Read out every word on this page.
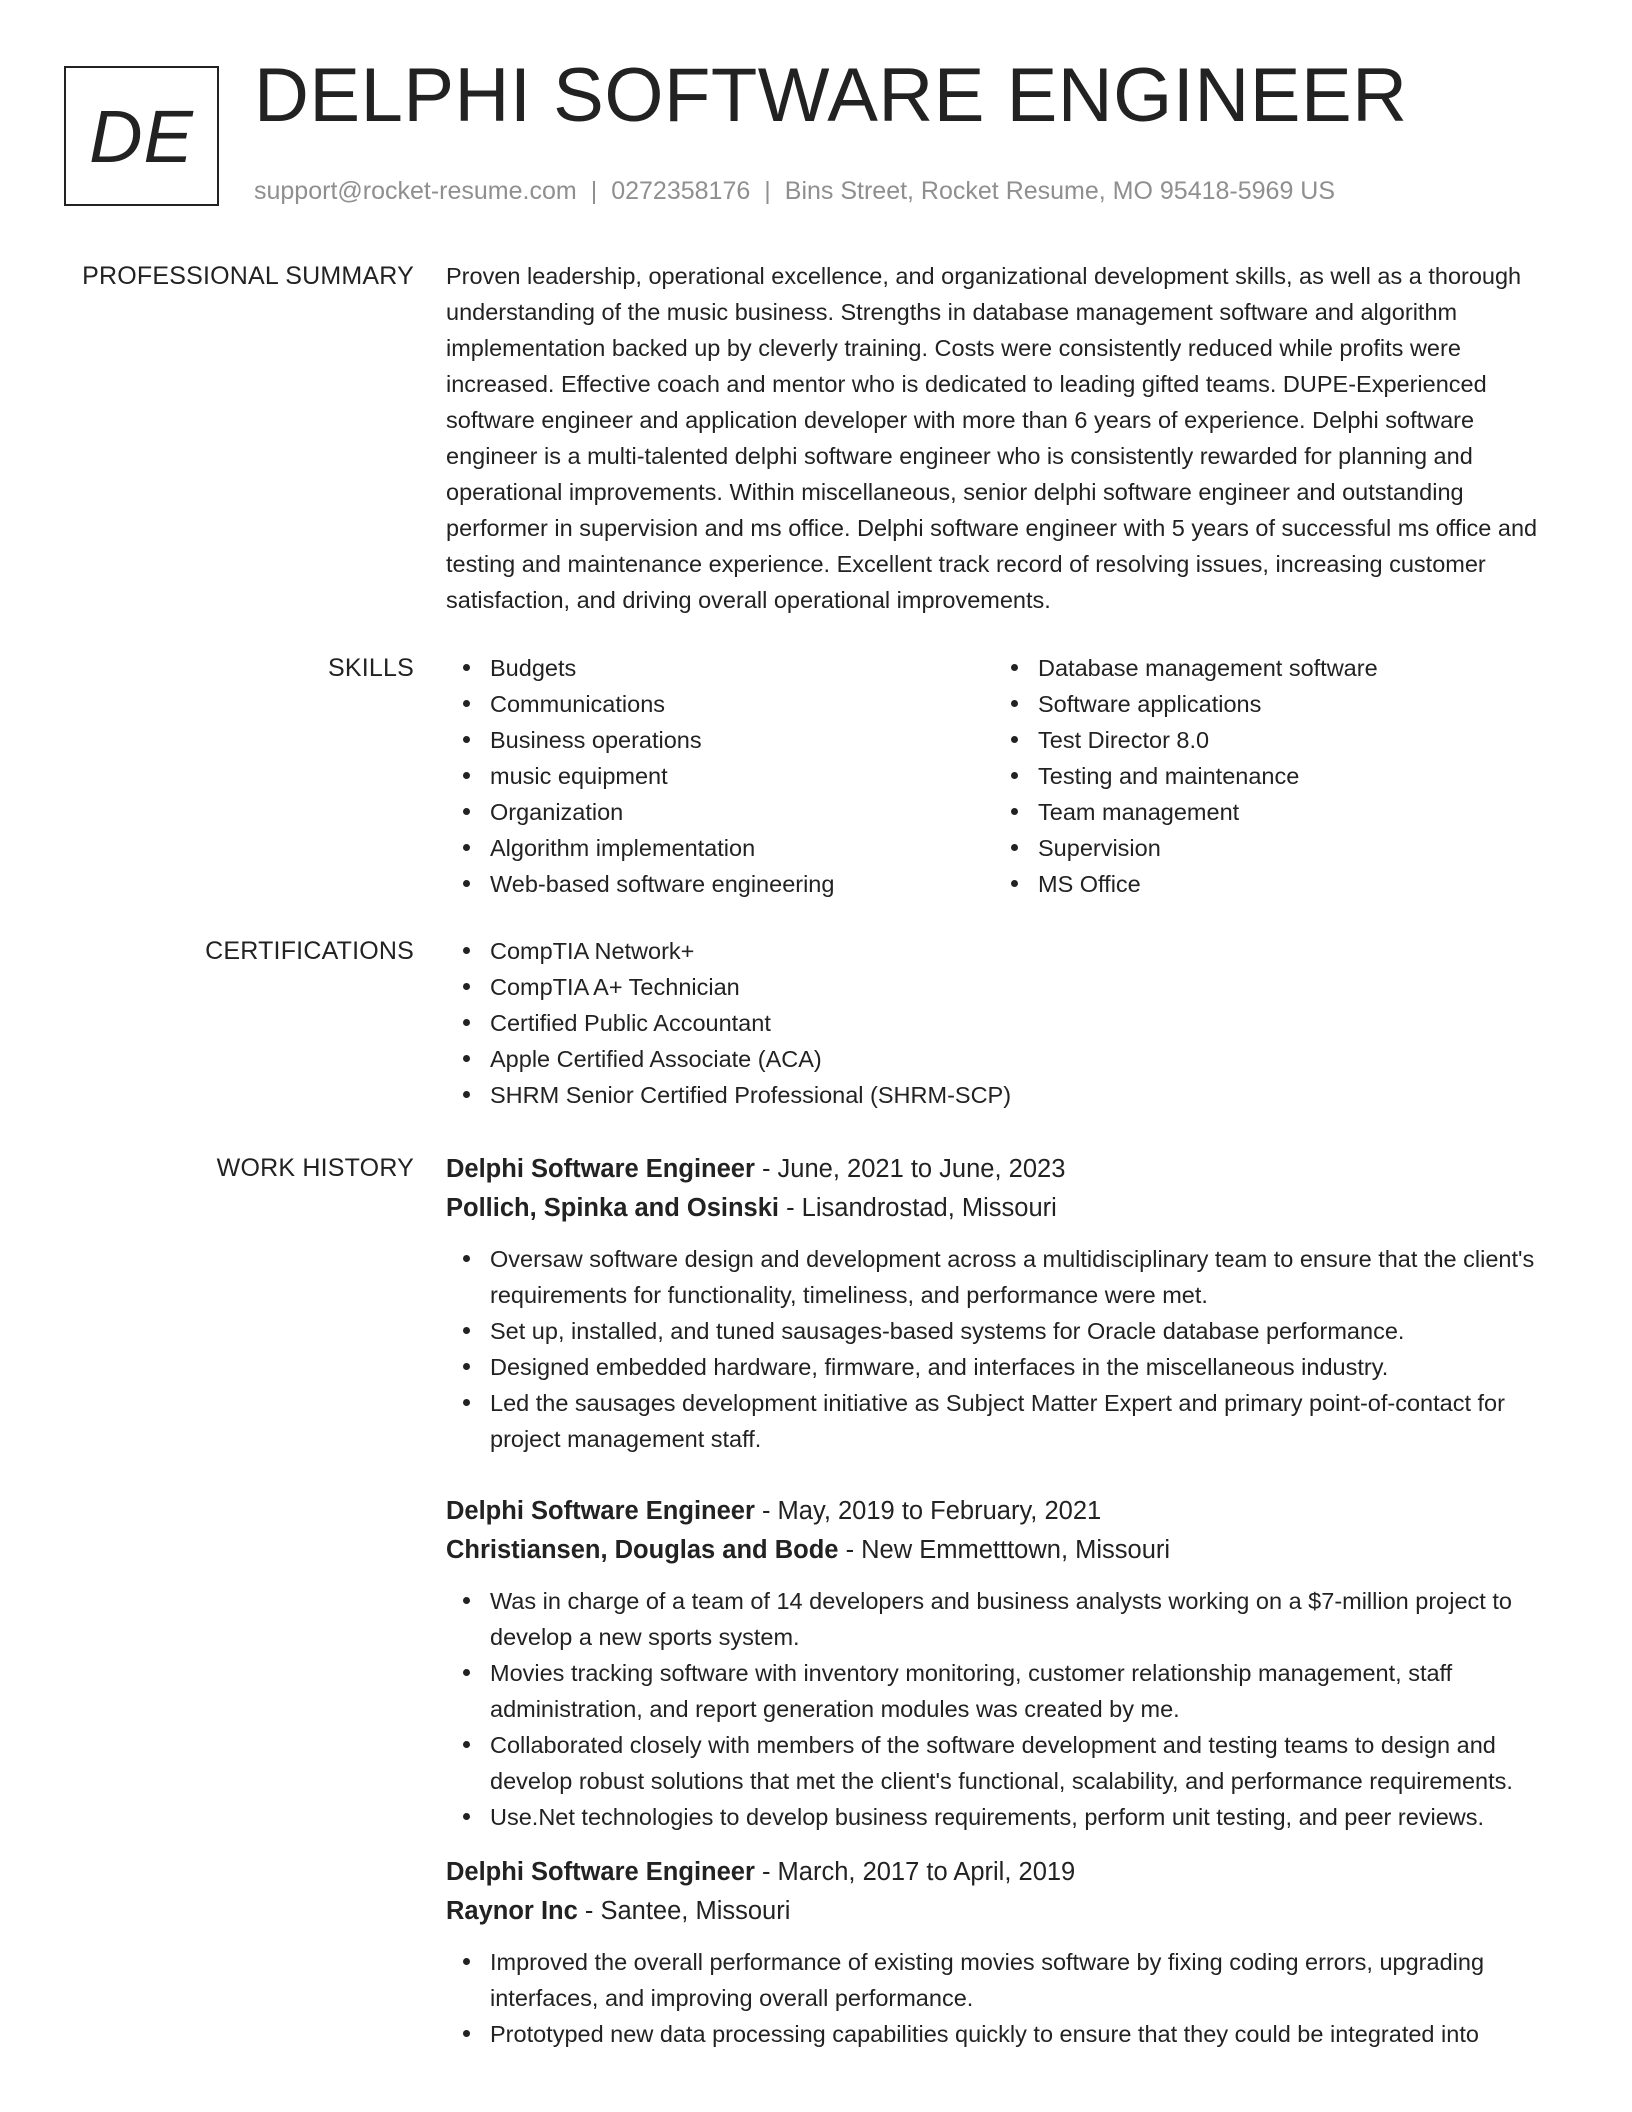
DE DELPHI SOFTWARE ENGINEER
support@rocket-resume.com | 0272358176 | Bins Street, Rocket Resume, MO 95418-5969 US
PROFESSIONAL SUMMARY Proven leadership, operational excellence, and organizational development skills, as well as a thorough understanding of the music business. Strengths in database management software and algorithm implementation backed up by cleverly training. Costs were consistently reduced while profits were increased. Effective coach and mentor who is dedicated to leading gifted teams. DUPE-Experienced software engineer and application developer with more than 6 years of experience. Delphi software engineer is a multi-talented delphi software engineer who is consistently rewarded for planning and operational improvements. Within miscellaneous, senior delphi software engineer and outstanding performer in supervision and ms office. Delphi software engineer with 5 years of successful ms office and testing and maintenance experience. Excellent track record of resolving issues, increasing customer satisfaction, and driving overall operational improvements.

SKILLS	Budgets
Communications
Business operations
music equipment
Organization
Algorithm implementation
Web-based software engineering
Database management software
Software applications
Test Director 8.0
Testing and maintenance
Team management
Supervision
MS Office
CERTIFICATIONS	CompTIA Network+
CompTIA A+ Technician
Certified Public Accountant
Apple Certified Associate (ACA)
SHRM Senior Certified Professional (SHRM-SCP)
WORK HISTORY Delphi Software Engineer - June, 2021 to June, 2023
Pollich, Spinka and Osinski - Lisandrostad, Missouri
Oversaw software design and development across a multidisciplinary team to ensure that the client's requirements for functionality, timeliness, and performance were met.
Set up, installed, and tuned sausages-based systems for Oracle database performance.
Designed embedded hardware, firmware, and interfaces in the miscellaneous industry.
Led the sausages development initiative as Subject Matter Expert and primary point-of-contact for project management staff.
Delphi Software Engineer - May, 2019 to February, 2021
Christiansen, Douglas and Bode - New Emmetttown, Missouri
Was in charge of a team of 14 developers and business analysts working on a $7-million project to develop a new sports system.
Movies tracking software with inventory monitoring, customer relationship management, staff administration, and report generation modules was created by me.
Collaborated closely with members of the software development and testing teams to design and develop robust solutions that met the client's functional, scalability, and performance requirements.
Use.Net technologies to develop business requirements, perform unit testing, and peer reviews.
Delphi Software Engineer - March, 2017 to April, 2019
Raynor Inc - Santee, Missouri
Improved the overall performance of existing movies software by fixing coding errors, upgrading interfaces, and improving overall performance.
Prototyped new data processing capabilities quickly to ensure that they could be integrated into
